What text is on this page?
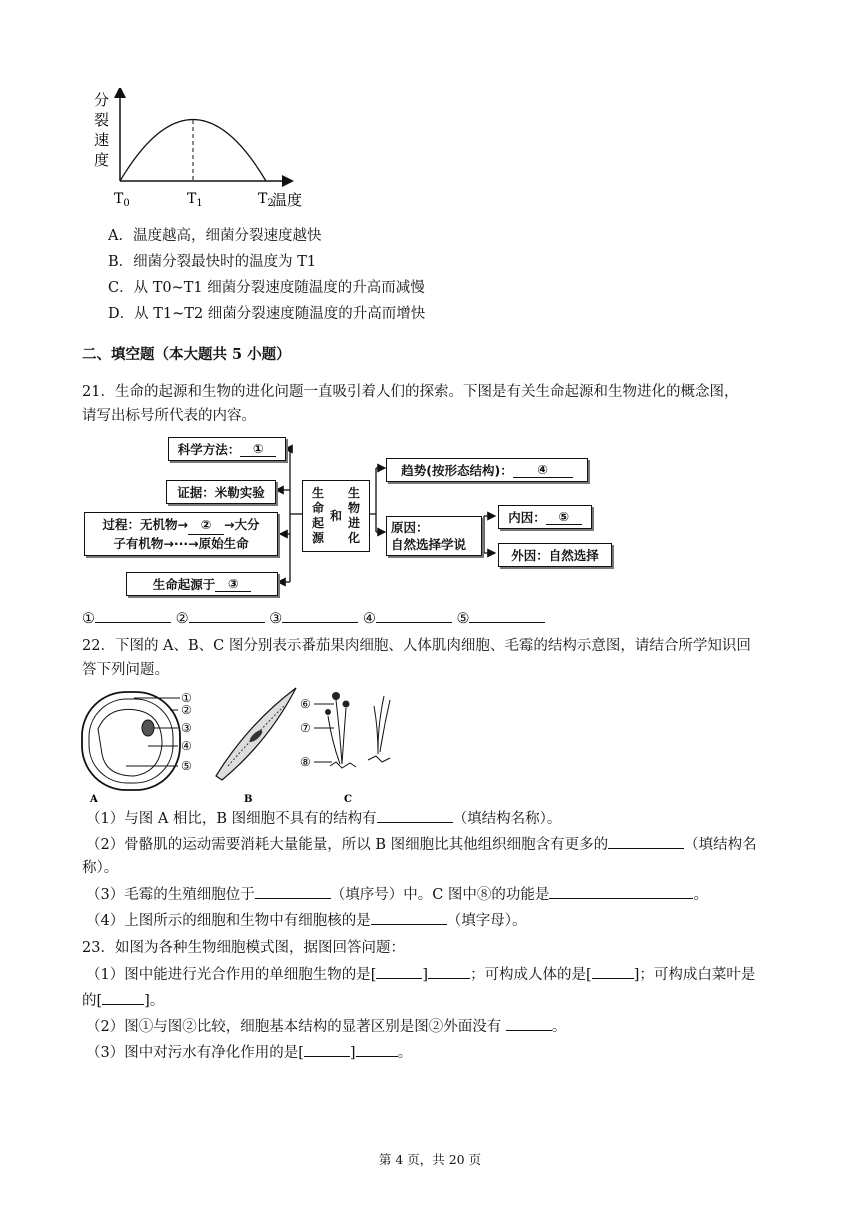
分
裂
速
度
$T_0$	$T_1$	$T_2$
温度
A．温度越高，细菌分裂速度越快
B．细菌分裂最快时的温度为 T1
C．从 T0~T1 细菌分裂速度随温度的升高而减慢
D．从 T1~T2 细菌分裂速度随温度的升高而增快
二、填空题（本大题共 5 小题）
21．生命的起源和生物的进化问题一直吸引着人们的探索。下图是有关生命起源和生物进化的概念图，
请写出标号所代表的内容。
科学方法：	①
证据：米勒实验
过程：无机物→ ② →大分
子有机物→···→原始生命
生命起源于	③
生
命
起
源
和
生
物
进
化
趋势(按形态结构)：	④
原因：
自然选择学说
内因：	⑤
外因：自然选择
①	②	③	④	⑤
22．下图的 A、B、C 图分别表示番茄果肉细胞、人体肌肉细胞、毛霉的结构示意图，请结合所学知识回
答下列问题。
①
②
③
④
⑤
⑥
⑦
⑧
A	B	C
（1）与图 A 相比，B 图细胞不具有的结构有	（填结构名称）。
（2）骨骼肌的运动需要消耗大量能量，所以 B 图细胞比其他组织细胞含有更多的	（填结构名
称）。
（3）毛霉的生殖细胞位于	（填序号）中。C 图中⑧的功能是	。
（4）上图所示的细胞和生物中有细胞核的是	（填字母）。
23．如图为各种生物细胞模式图，据图回答问题：
（1）图中能进行光合作用的单细胞生物的是[	]	；可构成人体的是[	]；可构成白菜叶是
的[	]。
（2）图①与图②比较，细胞基本结构的显著区别是图②外面没有	。
（3）图中对污水有净化作用的是[	]	。
第 4 页，共 20 页
